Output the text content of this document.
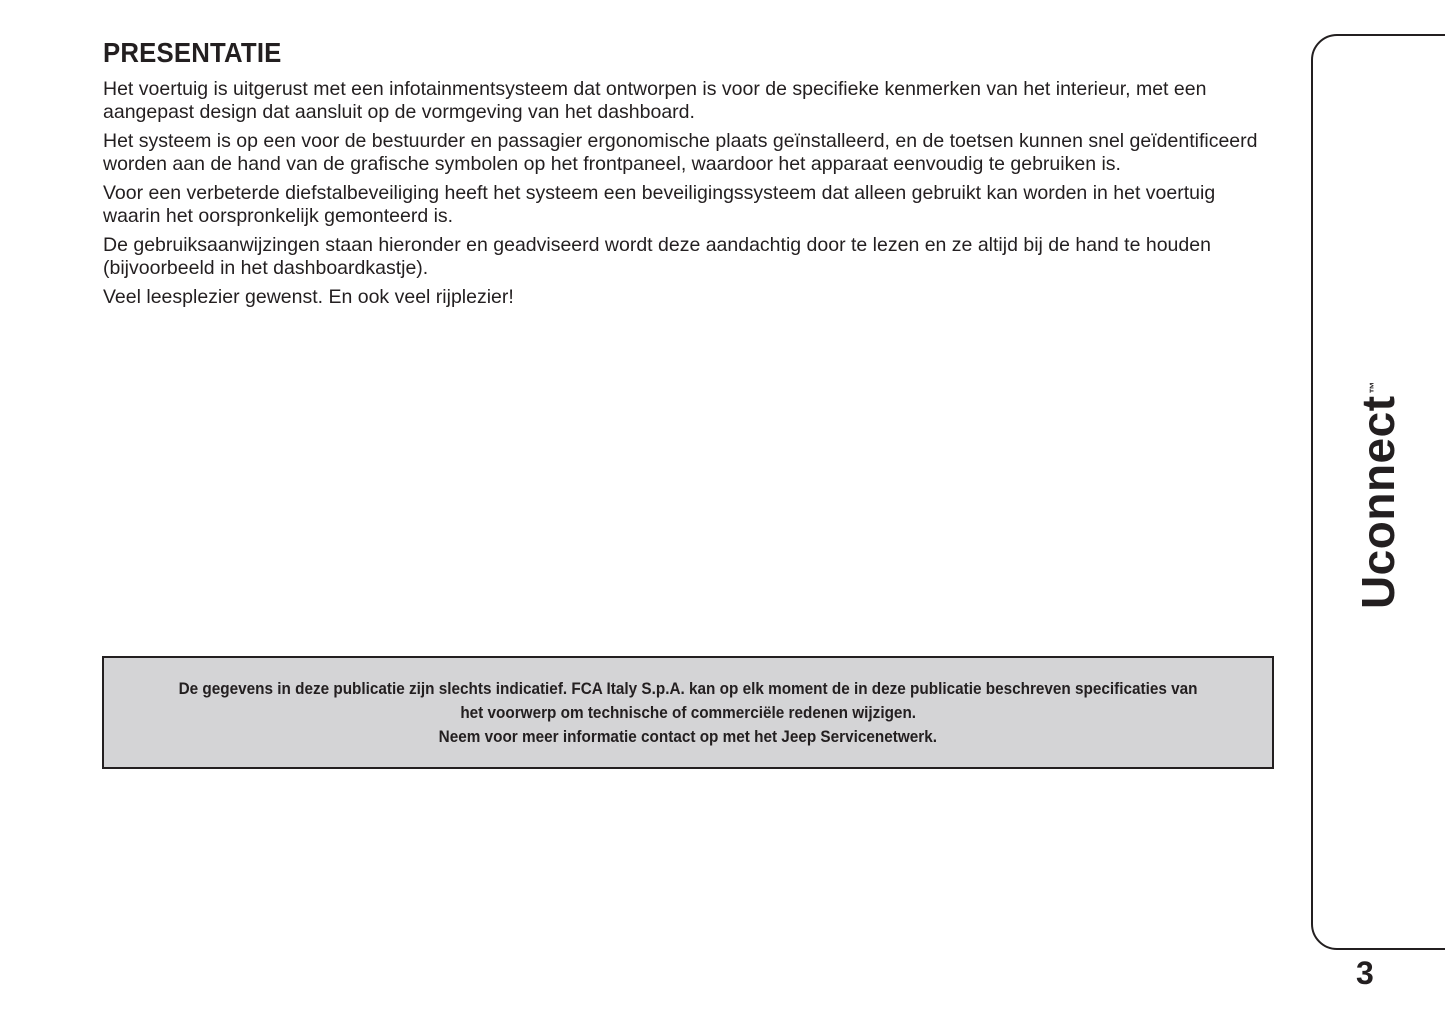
PRESENTATIE

Het voertuig is uitgerust met een infotainmentsysteem dat ontworpen is voor de specifieke kenmerken van het interieur, met een aangepast design dat aansluit op de vormgeving van het dashboard.

Het systeem is op een voor de bestuurder en passagier ergonomische plaats geïnstalleerd, en de toetsen kunnen snel geïdentificeerd worden aan de hand van de grafische symbolen op het frontpaneel, waardoor het apparaat eenvoudig te gebruiken is.

Voor een verbeterde diefstalbeveiliging heeft het systeem een beveiligingssysteem dat alleen gebruikt kan worden in het voertuig waarin het oorspronkelijk gemonteerd is.

De gebruiksaanwijzingen staan hieronder en geadviseerd wordt deze aandachtig door te lezen en ze altijd bij de hand te houden (bijvoorbeeld in het dashboardkastje).

Veel leesplezier gewenst. En ook veel rijplezier!

De gegevens in deze publicatie zijn slechts indicatief. FCA Italy S.p.A. kan op elk moment de in deze publicatie beschreven specificaties van
het voorwerp om technische of commerciële redenen wijzigen.
Neem voor meer informatie contact op met het Jeep Servicenetwerk.
Uconnect™
3
